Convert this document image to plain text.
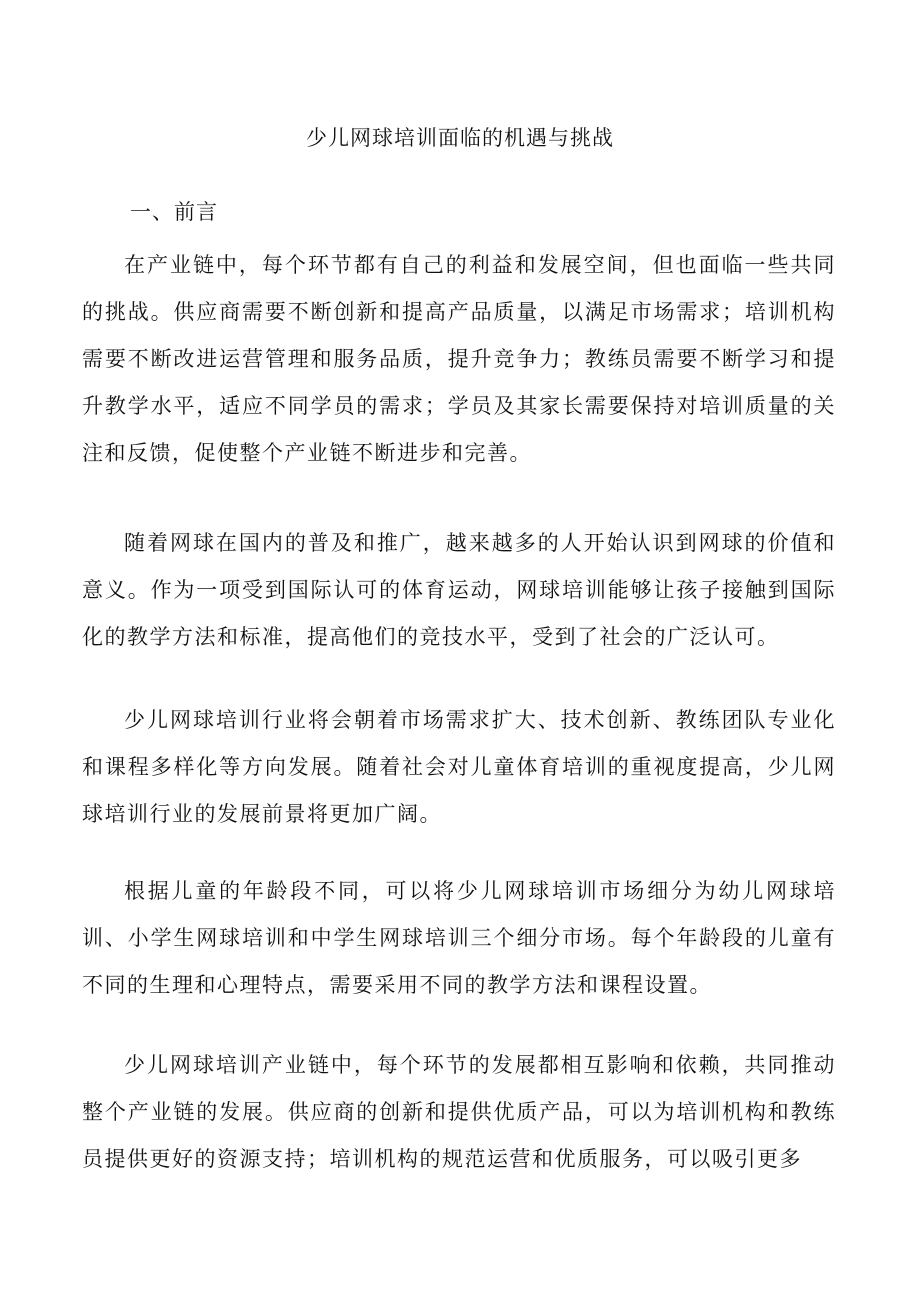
少儿网球培训面临的机遇与挑战
一、前言

在产业链中，每个环节都有自己的利益和发展空间，但也面临一些共同的挑战。供应商需要不断创新和提高产品质量，以满足市场需求；培训机构需要不断改进运营管理和服务品质，提升竞争力；教练员需要不断学习和提升教学水平，适应不同学员的需求；学员及其家长需要保持对培训质量的关注和反馈，促使整个产业链不断进步和完善。

随着网球在国内的普及和推广，越来越多的人开始认识到网球的价值和意义。作为一项受到国际认可的体育运动，网球培训能够让孩子接触到国际化的教学方法和标准，提高他们的竞技水平，受到了社会的广泛认可。

少儿网球培训行业将会朝着市场需求扩大、技术创新、教练团队专业化和课程多样化等方向发展。随着社会对儿童体育培训的重视度提高，少儿网球培训行业的发展前景将更加广阔。

根据儿童的年龄段不同，可以将少儿网球培训市场细分为幼儿网球培训、小学生网球培训和中学生网球培训三个细分市场。每个年龄段的儿童有不同的生理和心理特点，需要采用不同的教学方法和课程设置。

少儿网球培训产业链中，每个环节的发展都相互影响和依赖，共同推动整个产业链的发展。供应商的创新和提供优质产品，可以为培训机构和教练员提供更好的资源支持；培训机构的规范运营和优质服务，可以吸引更多
